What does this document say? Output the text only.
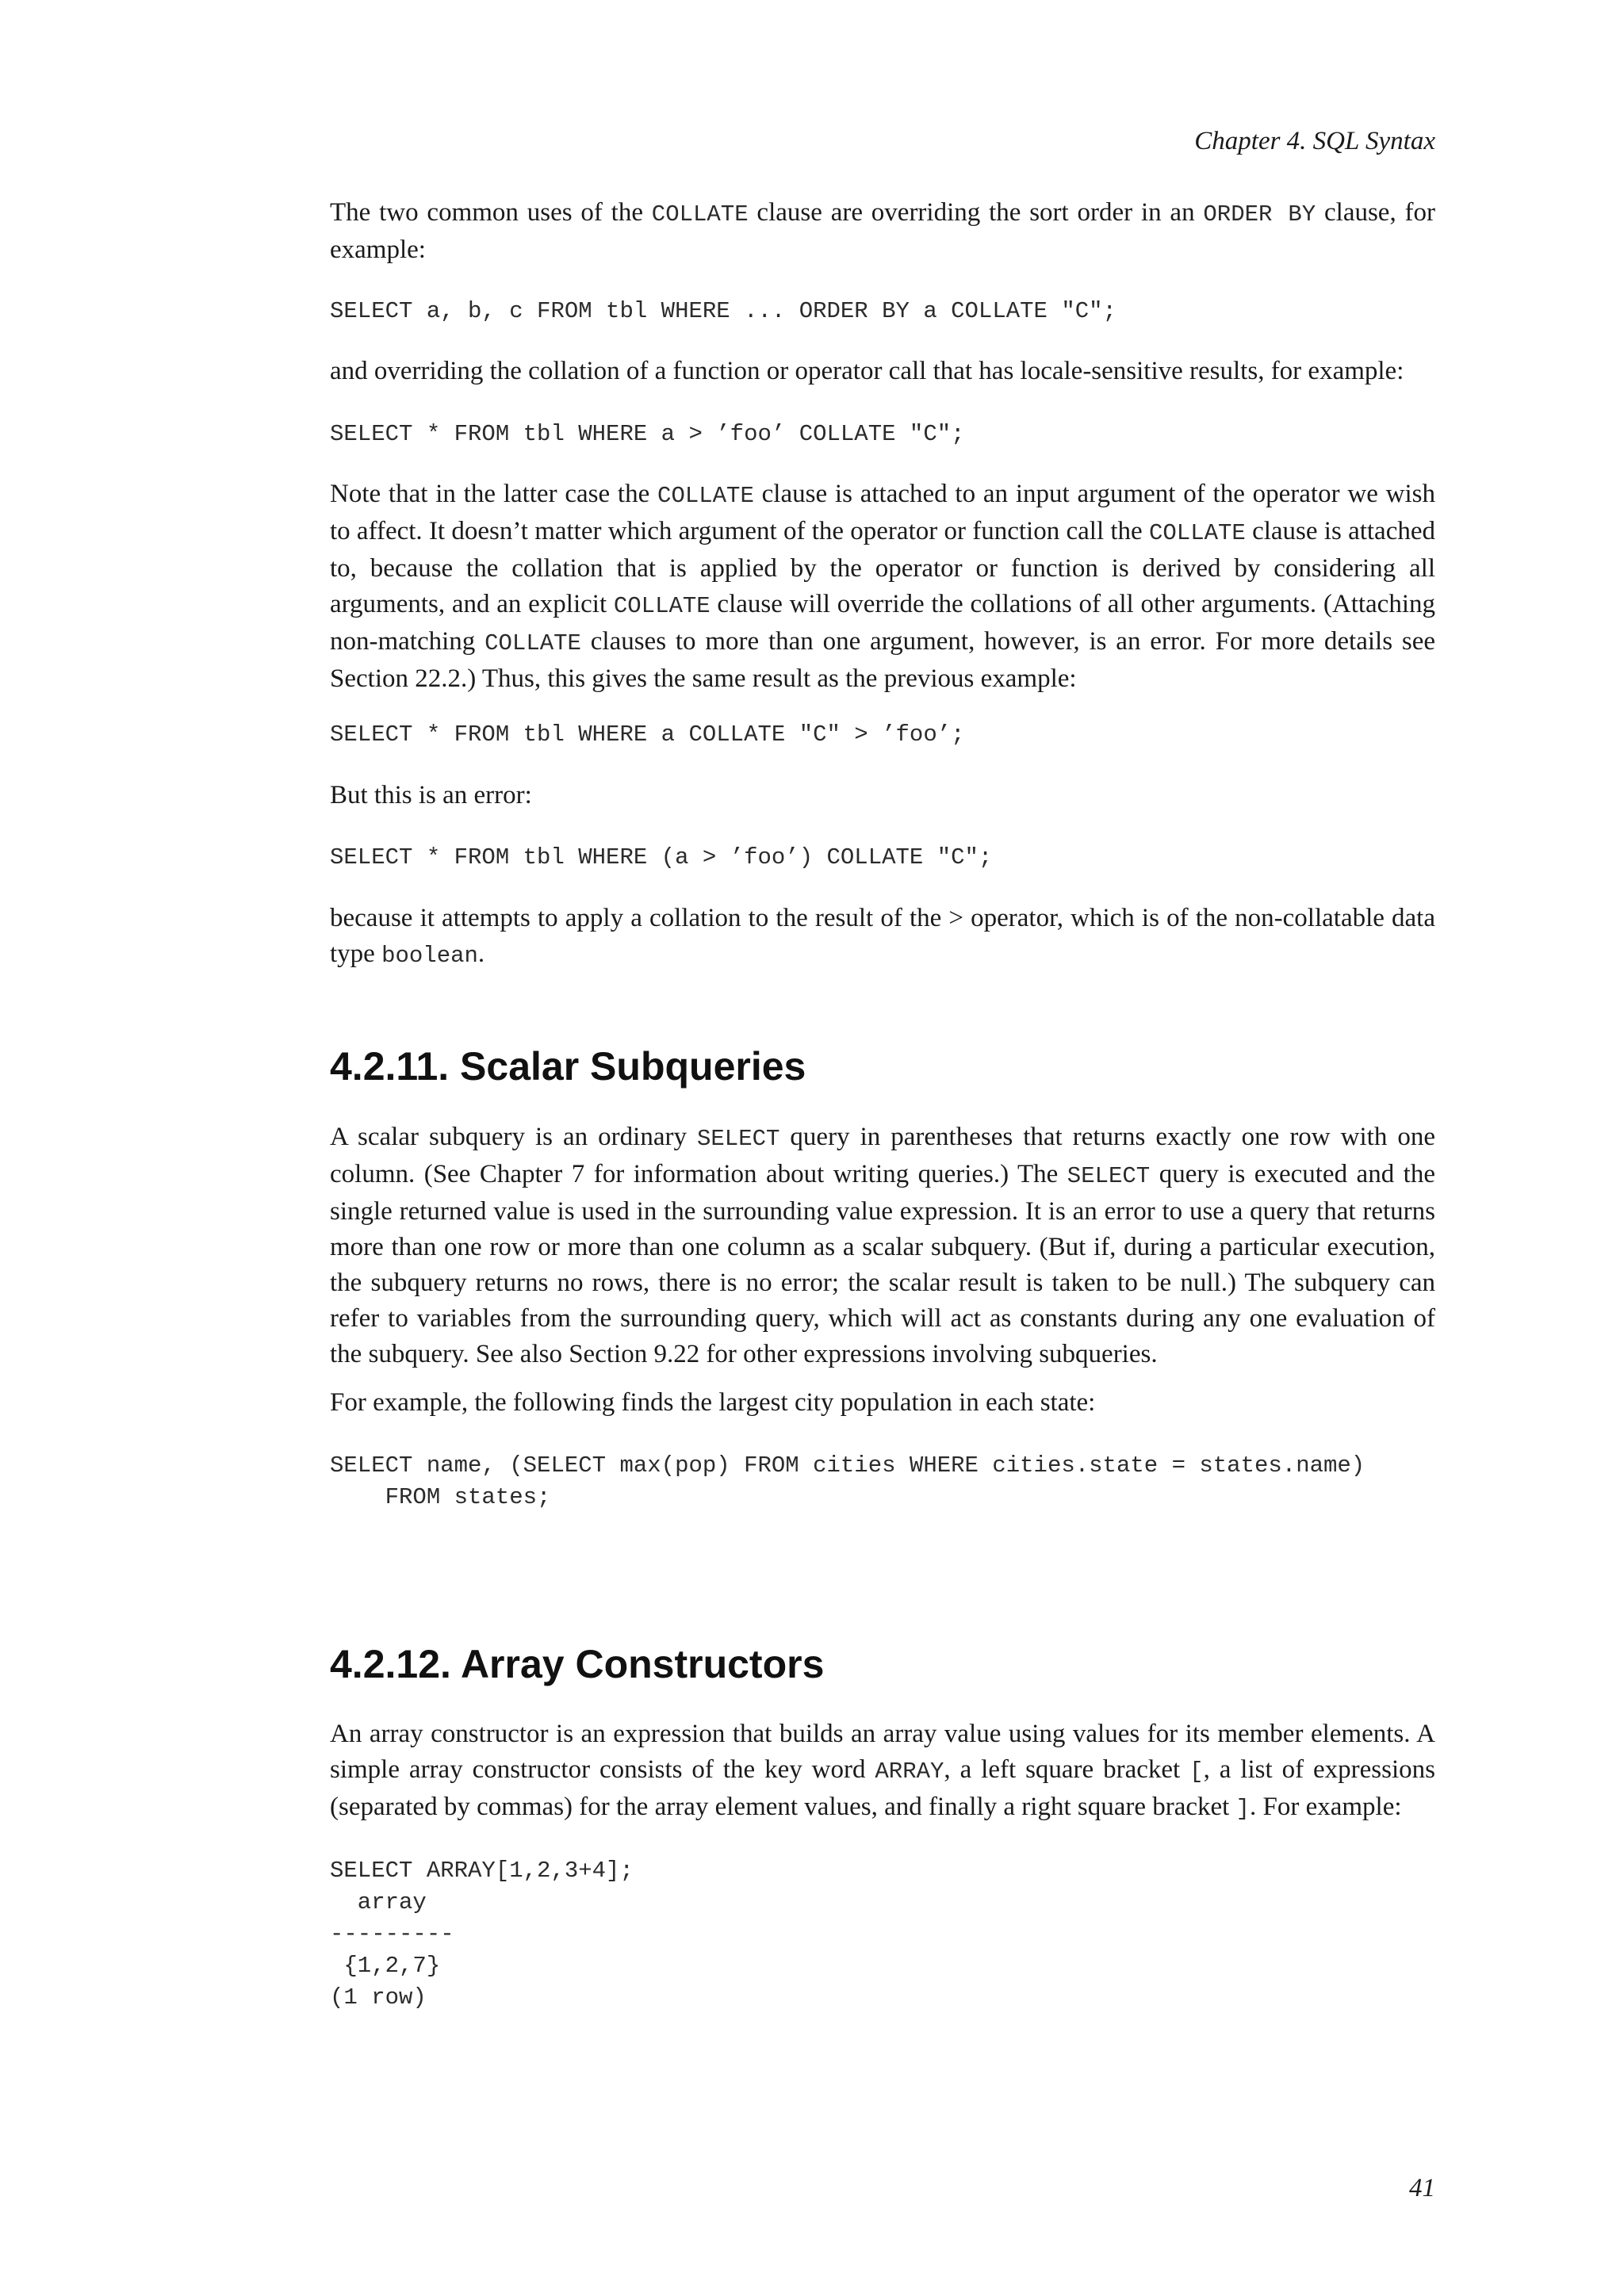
Chapter 4. SQL Syntax

The two common uses of the COLLATE clause are overriding the sort order in an ORDER BY clause, for example:

SELECT a, b, c FROM tbl WHERE ... ORDER BY a COLLATE "C";

and overriding the collation of a function or operator call that has locale-sensitive results, for example:

SELECT * FROM tbl WHERE a > ’foo’ COLLATE "C";

Note that in the latter case the COLLATE clause is attached to an input argument of the operator we wish to affect. It doesn’t matter which argument of the operator or function call the COLLATE clause is attached to, because the collation that is applied by the operator or function is derived by considering all arguments, and an explicit COLLATE clause will override the collations of all other arguments. (Attaching non-matching COLLATE clauses to more than one argument, however, is an error. For more details see Section 22.2.) Thus, this gives the same result as the previous example:

SELECT * FROM tbl WHERE a COLLATE "C" > ’foo’;

But this is an error:

SELECT * FROM tbl WHERE (a > ’foo’) COLLATE "C";

because it attempts to apply a collation to the result of the > operator, which is of the non-collatable data type boolean.

4.2.11. Scalar Subqueries

A scalar subquery is an ordinary SELECT query in parentheses that returns exactly one row with one column. (See Chapter 7 for information about writing queries.) The SELECT query is executed and the single returned value is used in the surrounding value expression. It is an error to use a query that returns more than one row or more than one column as a scalar subquery. (But if, during a particular execution, the subquery returns no rows, there is no error; the scalar result is taken to be null.) The subquery can refer to variables from the surrounding query, which will act as constants during any one evaluation of the subquery. See also Section 9.22 for other expressions involving subqueries.

For example, the following finds the largest city population in each state:

SELECT name, (SELECT max(pop) FROM cities WHERE cities.state = states.name)
FROM states;
4.2.12. Array Constructors

An array constructor is an expression that builds an array value using values for its member elements. A simple array constructor consists of the key word ARRAY, a left square bracket [, a list of expressions (separated by commas) for the array element values, and finally a right square bracket ]. For example:

SELECT ARRAY[1,2,3+4];
array
---------
{1,2,7}
(1 row)
41
